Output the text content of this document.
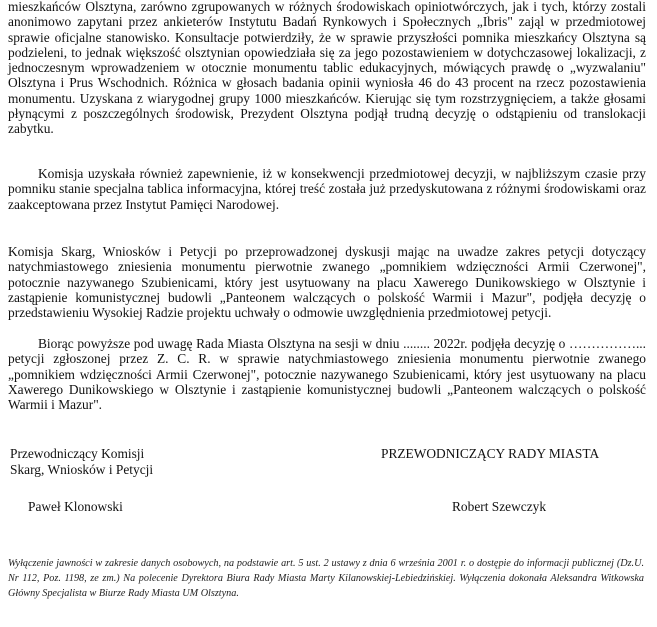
mieszkańców Olsztyna, zarówno zgrupowanych w różnych środowiskach opiniotwórczych, jak i tych, którzy zostali anonimowo zapytani przez ankieterów Instytutu Badań Rynkowych i Społecznych „Ibris" zająl w przedmiotowej sprawie oficjalne stanowisko. Konsultacje potwierdziły, że w sprawie przyszłości pomnika mieszkańcy Olsztyna są podzieleni, to jednak większość olsztynian opowiedziała się za jego pozostawieniem w dotychczasowej lokalizacji, z jednoczesnym wprowadzeniem w otocznie monumentu tablic edukacyjnych, mówiących prawdę o „wyzwalaniu" Olsztyna i Prus Wschodnich. Różnica w głosach badania opinii wyniosła 46 do 43 procent na rzecz pozostawienia monumentu. Uzyskana z wiarygodnej grupy 1000 mieszkańców. Kierując się tym rozstrzygnięciem, a także głosami płynącymi z poszczególnych środowisk, Prezydent Olsztyna podjął trudną decyzję o odstąpieniu od translokacji zabytku.

Komisja uzyskała również zapewnienie, iż w konsekwencji przedmiotowej decyzji, w najbliższym czasie przy pomniku stanie specjalna tablica informacyjna, której treść została już przedyskutowana z różnymi środowiskami oraz zaakceptowana przez Instytut Pamięci Narodowej.

Komisja Skarg, Wniosków i Petycji po przeprowadzonej dyskusji mając na uwadze zakres petycji dotyczący natychmiastowego zniesienia monumentu pierwotnie zwanego „pomnikiem wdzięczności Armii Czerwonej", potocznie nazywanego Szubienicami, który jest usytuowany na placu Xawerego Dunikowskiego w Olsztynie i zastąpienie komunistycznej budowli „Panteonem walczących o polskość Warmii i Mazur", podjęła decyzję o przedstawieniu Wysokiej Radzie projektu uchwały o odmowie uwzględnienia przedmiotowej petycji.

Biorąc powyższe pod uwagę Rada Miasta Olsztyna na sesji w dniu ........ 2022r. podjęła decyzję o ……………... petycji zgłoszonej przez Z. C. R. w sprawie natychmiastowego zniesienia monumentu pierwotnie zwanego „pomnikiem wdzięczności Armii Czerwonej", potocznie nazywanego Szubienicami, który jest usytuowany na placu Xawerego Dunikowskiego w Olsztynie i zastąpienie komunistycznej budowli „Panteonem walczących o polskość Warmii i Mazur".

Przewodniczący Komisji
Skarg, Wniosków i Petycji
Paweł Klonowski
PRZEWODNICZĄCY RADY MIASTA
Robert Szewczyk

Wyłączenie jawności w zakresie danych osobowych, na podstawie art. 5 ust. 2 ustawy z dnia 6 września 2001 r. o dostępie do informacji publicznej (Dz.U. Nr 112, Poz. 1198, ze zm.) Na polecenie Dyrektora Biura Rady Miasta Marty Kilanowskiej-Lebiedzińskiej. Wyłączenia dokonała Aleksandra Witkowska Główny Specjalista w Biurze Rady Miasta UM Olsztyna.
